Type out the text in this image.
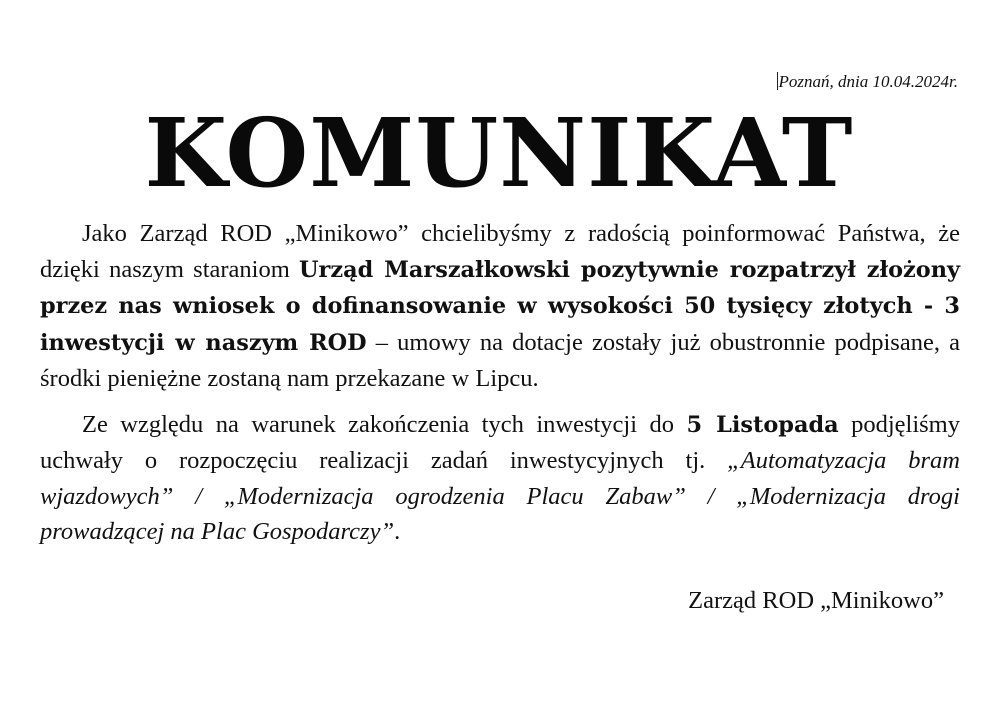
Poznań, dnia 10.04.2024r.
KOMUNIKAT

Jako Zarząd ROD „Minikowo” chcielibyśmy z radością poinformować Państwa, że dzięki naszym staraniom Urząd Marszałkowski pozytywnie rozpatrzył złożony przez nas wniosek o dofinansowanie w wysokości 50 tysięcy złotych - 3 inwestycji w naszym ROD – umowy na dotacje zostały już obustronnie podpisane, a środki pieniężne zostaną nam przekazane w Lipcu.

Ze względu na warunek zakończenia tych inwestycji do 5 Listopada podjęliśmy uchwały o rozpoczęciu realizacji zadań inwestycyjnych tj. „Automatyzacja bram wjazdowych” / „Modernizacja ogrodzenia Placu Zabaw” / „Modernizacja drogi prowadzącej na Plac Gospodarczy”.

Zarząd ROD „Minikowo”
